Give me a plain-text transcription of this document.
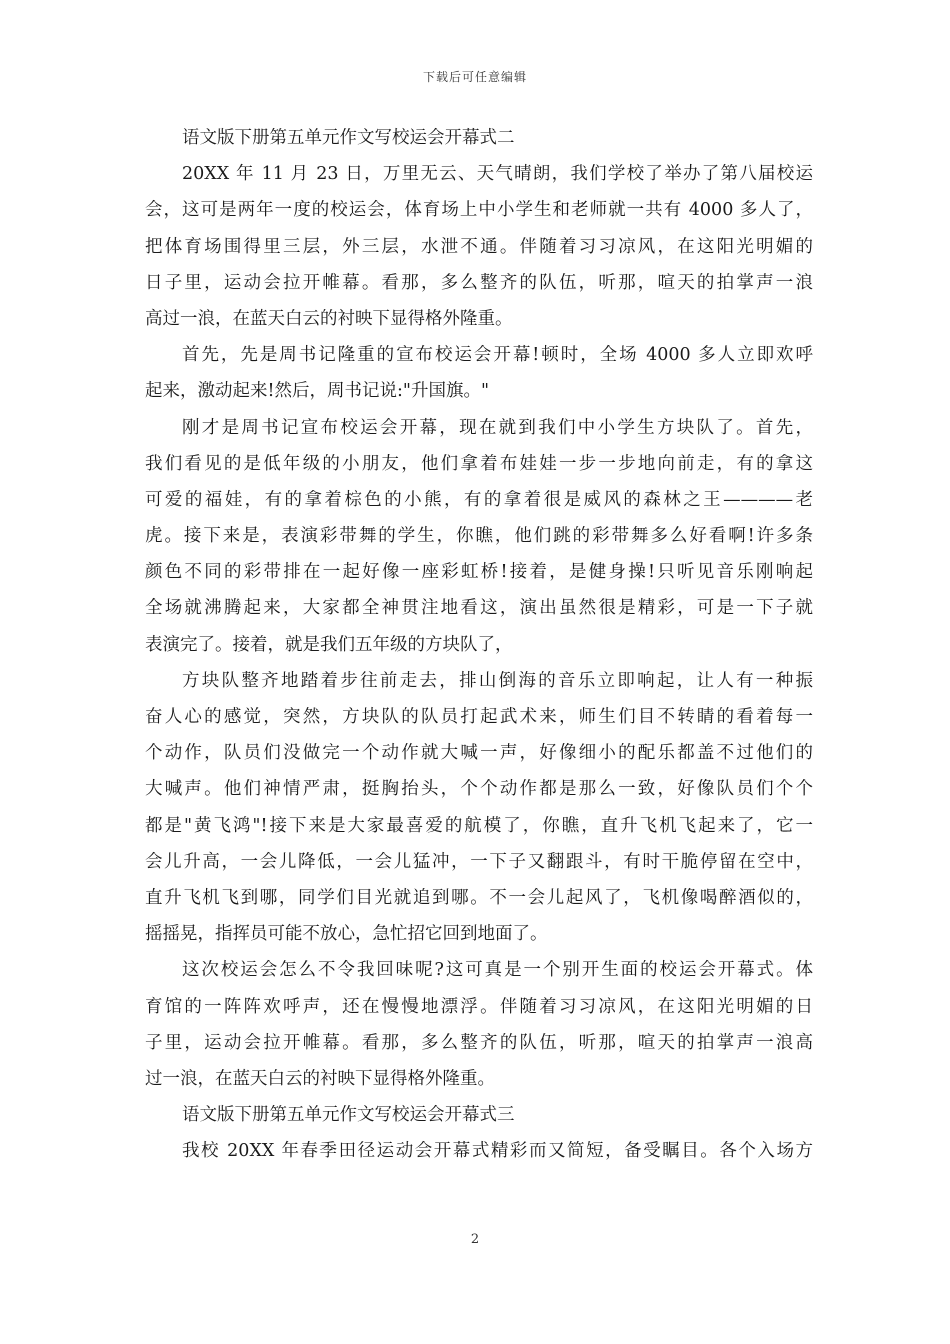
下载后可任意编辑
语文版下册第五单元作文写校运会开幕式二
20XX 年 11 月 23 日，万里无云、天气晴朗，我们学校了举办了第八届校运
会，这可是两年一度的校运会，体育场上中小学生和老师就一共有 4000 多人了，
把体育场围得里三层，外三层，水泄不通。伴随着习习凉风，在这阳光明媚的
日子里，运动会拉开帷幕。看那，多么整齐的队伍，听那，喧天的拍掌声一浪
高过一浪，在蓝天白云的衬映下显得格外隆重。
首先，先是周书记隆重的宣布校运会开幕!顿时，全场 4000 多人立即欢呼
起来，激动起来!然后，周书记说:"升国旗。"
刚才是周书记宣布校运会开幕，现在就到我们中小学生方块队了。首先，
我们看见的是低年级的小朋友，他们拿着布娃娃一步一步地向前走，有的拿这
可爱的福娃，有的拿着棕色的小熊，有的拿着很是威风的森林之王————老
虎。接下来是，表演彩带舞的学生，你瞧，他们跳的彩带舞多么好看啊!许多条
颜色不同的彩带排在一起好像一座彩虹桥!接着，是健身操!只听见音乐刚响起
全场就沸腾起来，大家都全神贯注地看这，演出虽然很是精彩，可是一下子就
表演完了。接着，就是我们五年级的方块队了，
方块队整齐地踏着步往前走去，排山倒海的音乐立即响起，让人有一种振
奋人心的感觉，突然，方块队的队员打起武术来，师生们目不转睛的看着每一
个动作，队员们没做完一个动作就大喊一声，好像细小的配乐都盖不过他们的
大喊声。他们神情严肃，挺胸抬头，个个动作都是那么一致，好像队员们个个
都是"黄飞鸿"!接下来是大家最喜爱的航模了，你瞧，直升飞机飞起来了，它一
会儿升高，一会儿降低，一会儿猛冲，一下子又翻跟斗，有时干脆停留在空中，
直升飞机飞到哪，同学们目光就追到哪。不一会儿起风了，飞机像喝醉酒似的，
摇摇晃，指挥员可能不放心，急忙招它回到地面了。
这次校运会怎么不令我回味呢?这可真是一个别开生面的校运会开幕式。体
育馆的一阵阵欢呼声，还在慢慢地漂浮。伴随着习习凉风，在这阳光明媚的日
子里，运动会拉开帷幕。看那，多么整齐的队伍，听那，喧天的拍掌声一浪高
过一浪，在蓝天白云的衬映下显得格外隆重。
语文版下册第五单元作文写校运会开幕式三
我校 20XX 年春季田径运动会开幕式精彩而又简短，备受瞩目。各个入场方
2
